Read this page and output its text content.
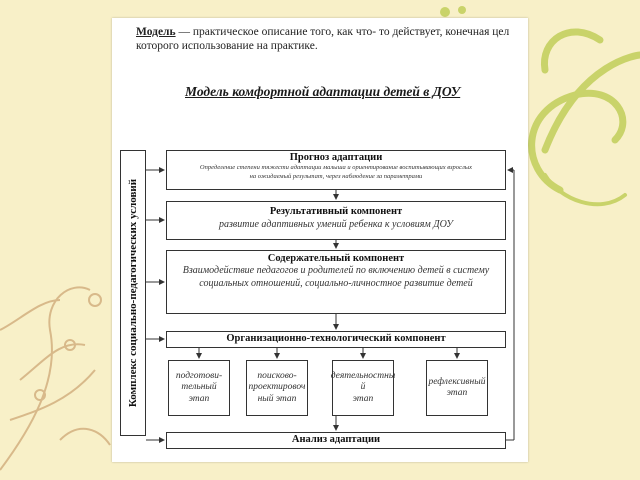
Модель — практическое описание того, как что- то действует, конечная цел
которого использование на практике.
Модель комфортной адаптации детей в ДОУ
Комплекс социально-педагогических условий
Прогноз адаптации
Определение степени тяжести адаптации малыша и ориентирование воспитывающих взрослых
на ожидаемый результат, через наблюдение за параметрами
Результативный компонент
развитие адаптивных умений ребенка к условиям ДОУ
Содержательный компонент
Взаимодействие педагогов и родителей по включению детей в систему социальных отношений, социально-личностное развитие детей
Организационно-технологический компонент
подготови-
тельный
этап
поисково-
проектировоч
ный этап
деятельностны
й
этап
рефлексивный
этап
Анализ адаптации
